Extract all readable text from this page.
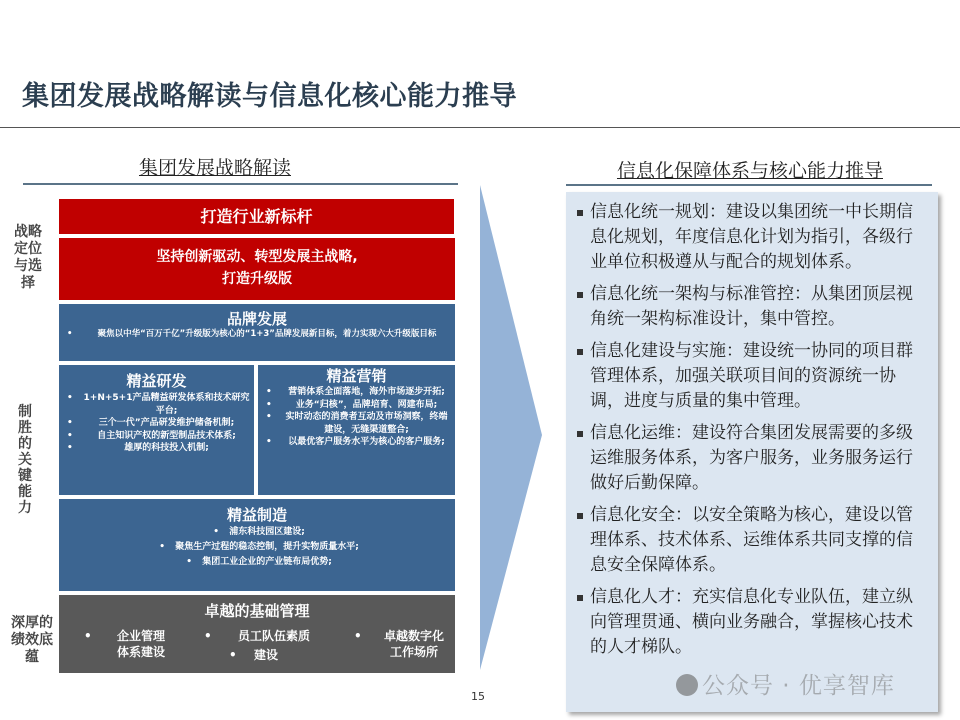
集团发展战略解读与信息化核心能力推导
集团发展战略解读
战略
定位
与选
择
制
胜
的
关
键
能
力
深厚的
绩效底
蕴
打造行业新标杆
坚持创新驱动、转型发展主战略,
打造升级版
品牌发展
• 聚焦以中华“百万千亿”升级版为核心的“1+3”品牌发展新目标，着力实现六大升级版目标
精益研发
• 1+N+5+1产品精益研发体系和技术研究平台;
• 三个一代”产品研发维护储备机制;
• 自主知识产权的新型制品技术体系;
• 雄厚的科技投入机制;
精益营销
• 营销体系全面落地，海外市场逐步开拓;
• 业务“归核”，品牌培育、网建布局;
• 实时动态的消费者互动及市场洞察，终端建设，无缝渠道整合;
• 以最优客户服务水平为核心的客户服务;
精益制造
• 浦东科技园区建设;
• 聚焦生产过程的稳态控制，提升实物质量水平;
• 集团工业企业的产业链布局优势;
卓越的基础管理
•	企业管理
体系建设
•	员工队伍素质
• 建设
•	卓越数字化
工作场所
15
信息化保障体系与核心能力推导
信息化统一规划：建设以集团统一中长期信息化规划，年度信息化计划为指引，各级行业单位积极遵从与配合的规划体系。
信息化统一架构与标准管控：从集团顶层视角统一架构标准设计，集中管控。
信息化建设与实施：建设统一协同的项目群管理体系，加强关联项目间的资源统一协调，进度与质量的集中管理。
信息化运维：建设符合集团发展需要的多级运维服务体系，为客户服务，业务服务运行做好后勤保障。
信息化安全：以安全策略为核心，建设以管理体系、技术体系、运维体系共同支撑的信息安全保障体系。
信息化人才：充实信息化专业队伍，建立纵向管理贯通、横向业务融合，掌握核心技术的人才梯队。
公众号 · 优享智库
